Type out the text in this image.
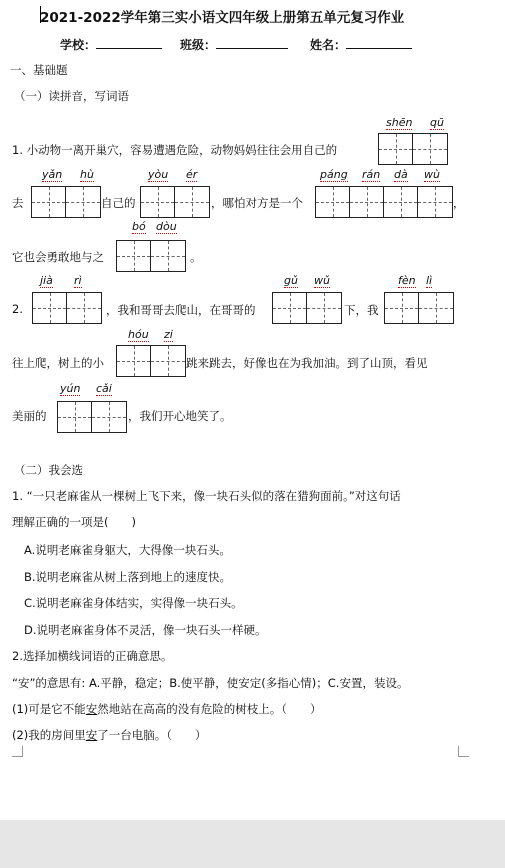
2021-2022学年第三实小语文四年级上册第五单元复习作业
学校：	班级：	姓名：
一、基础题
（一）读拼音，写词语
shēn qū
1. 小动物一离开巢穴，容易遭遇危险，动物妈妈往往会用自己的
yǎn hù	yòu ér	páng rán dà wù
去	自己的	，哪怕对方是一个	，
bó dòu
它也会勇敢地与之	。
jià rì	gǔ wǔ	fèn lì
2.	，我和哥哥去爬山，在哥哥的	下，我
hóu zi
往上爬，树上的小	跳来跳去，好像也在为我加油。到了山顶，看见
yún cǎi
美丽的	，我们开心地笑了。
（二）我会选
1. “一只老麻雀从一棵树上飞下来，像一块石头似的落在猎狗面前。”对这句话
理解正确的一项是(　　)
A.说明老麻雀身躯大，大得像一块石头。
B.说明老麻雀从树上落到地上的速度快。
C.说明老麻雀身体结实，实得像一块石头。
D.说明老麻雀身体不灵活，像一块石头一样硬。
2.选择加横线词语的正确意思。
“安”的意思有: A.平静，稳定；B.使平静，使安定(多指心情)；C.安置，装设。
(1)可是它不能安然地站在高高的没有危险的树枝上。（　　）
(2)我的房间里安了一台电脑。（　　）
